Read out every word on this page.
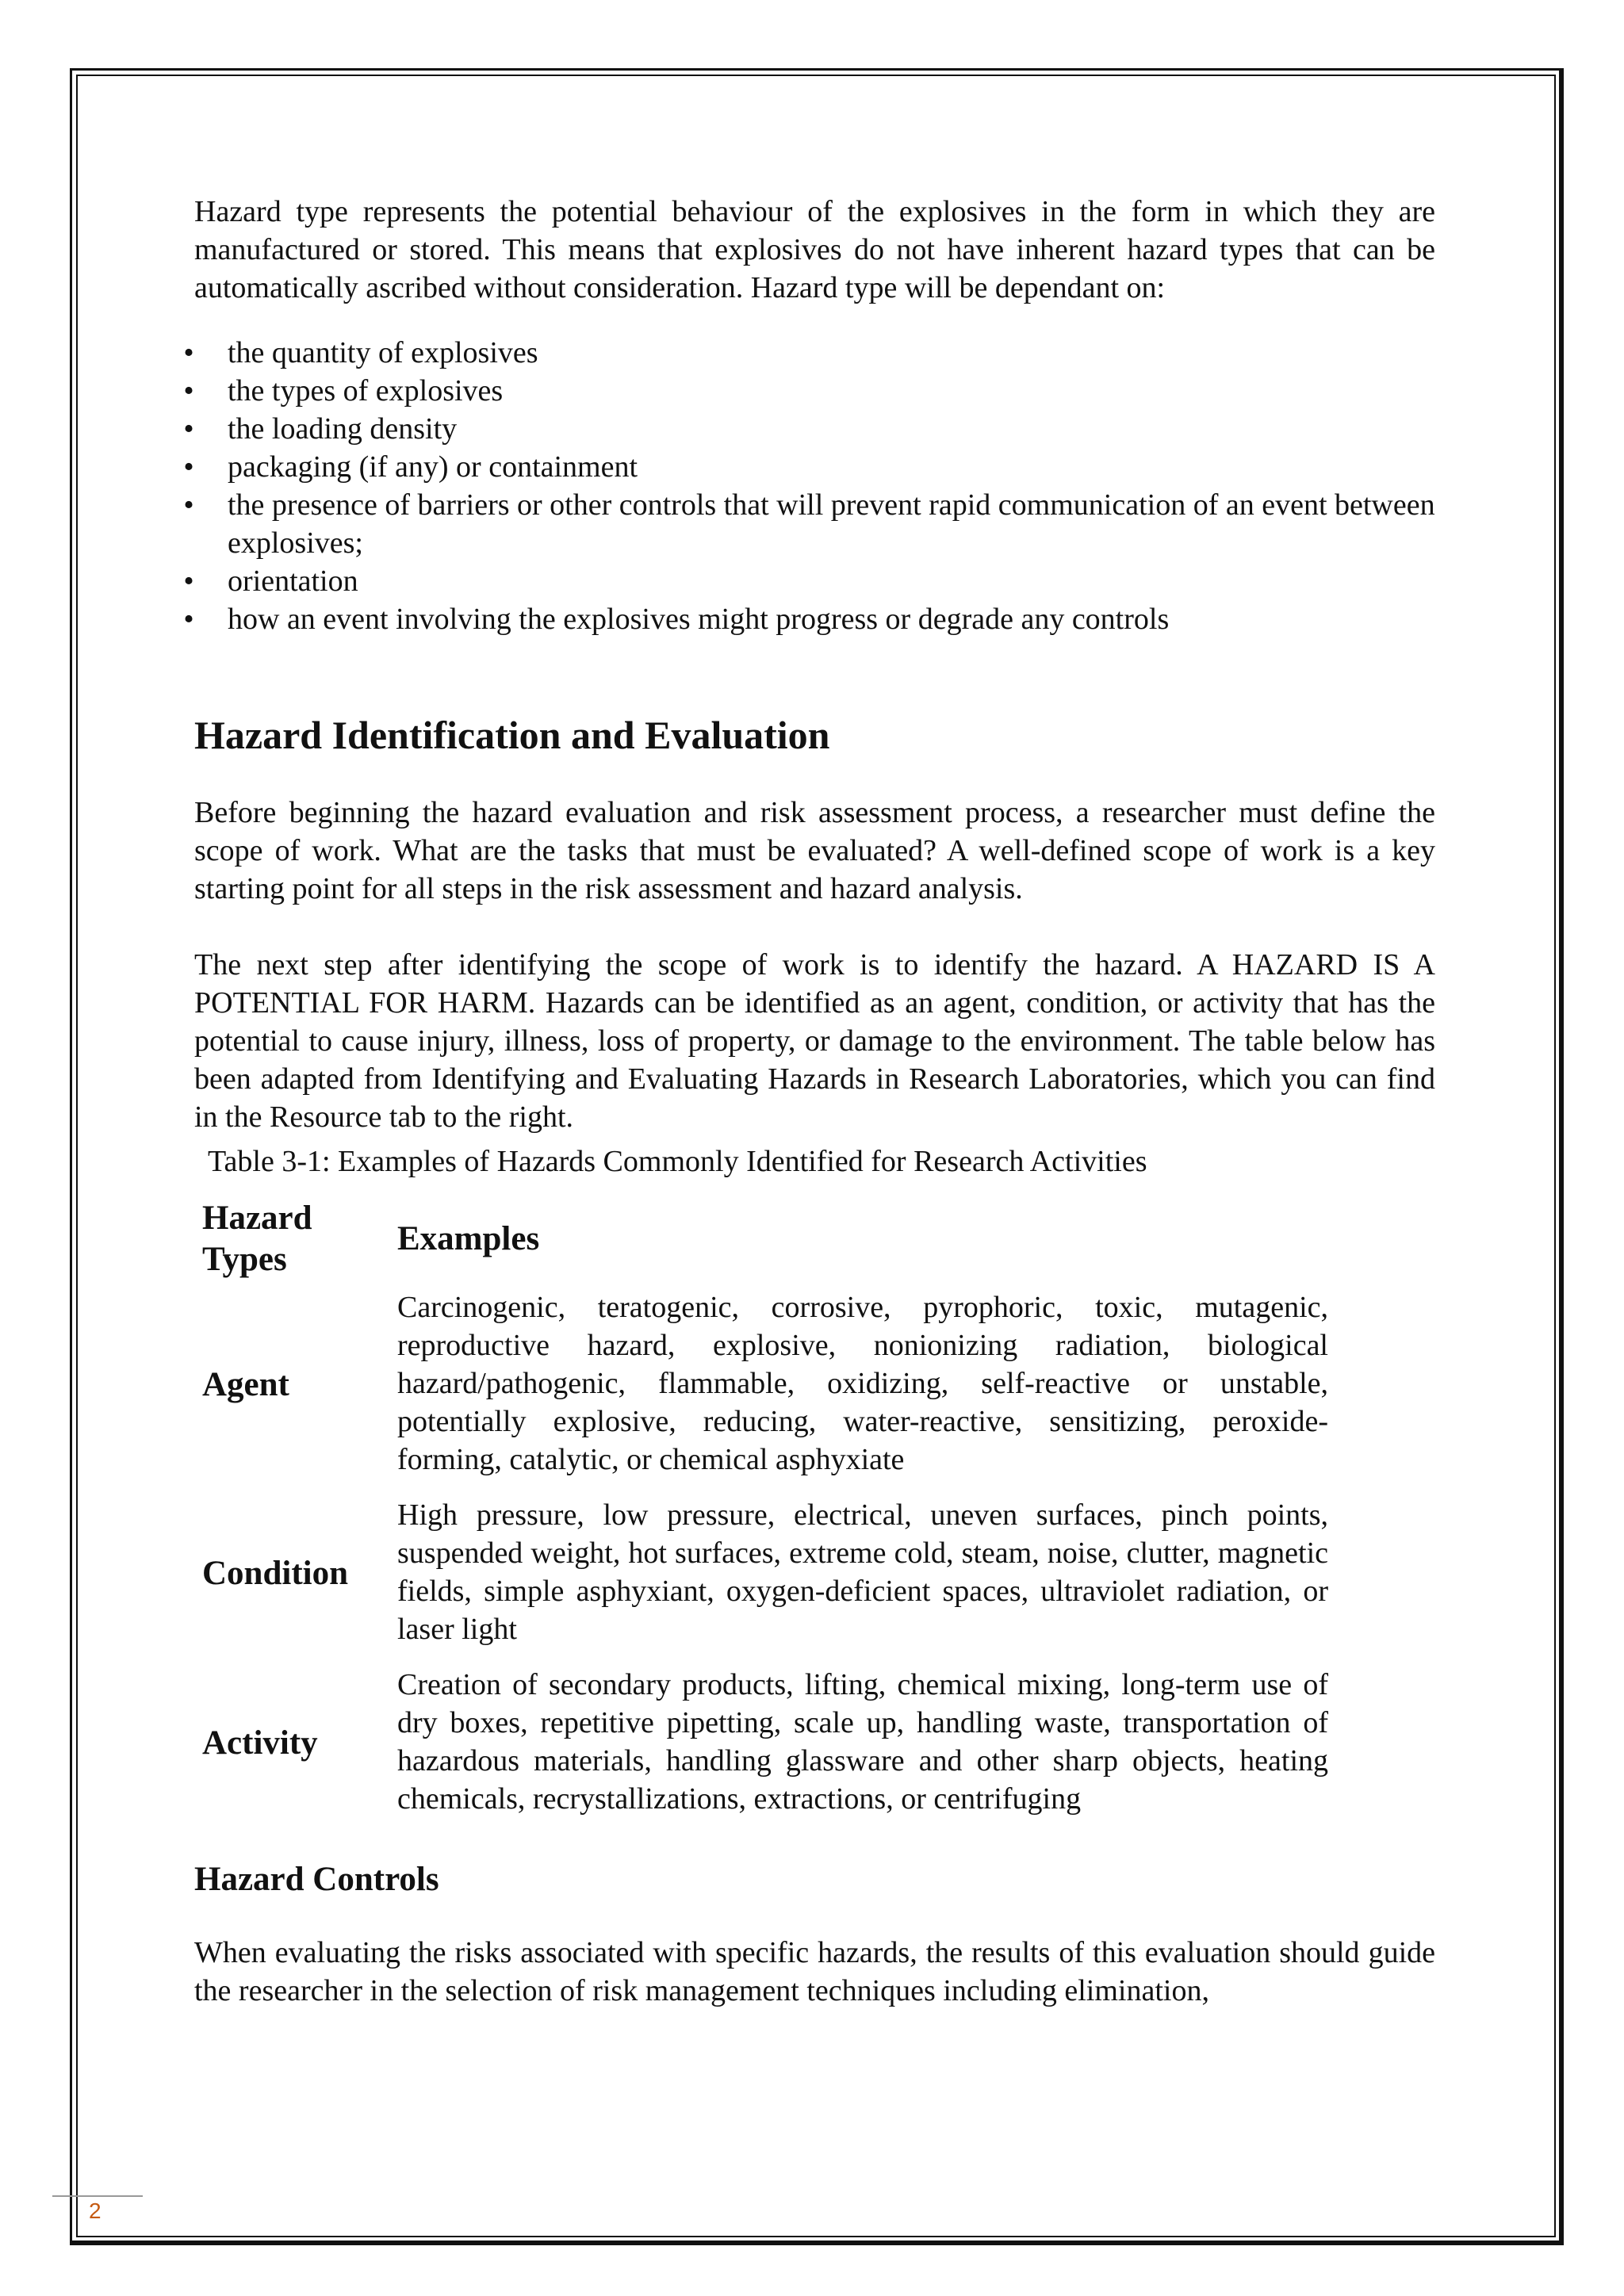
Hazard type represents the potential behaviour of the explosives in the form in which they are manufactured or stored. This means that explosives do not have inherent hazard types that can be automatically ascribed without consideration. Hazard type will be dependant on:

• the quantity of explosives
• the types of explosives
• the loading density
• packaging (if any) or containment
• the presence of barriers or other controls that will prevent rapid communication of an event between explosives;
• orientation
• how an event involving the explosives might progress or degrade any controls
Hazard Identification and Evaluation

Before beginning the hazard evaluation and risk assessment process, a researcher must define the scope of work. What are the tasks that must be evaluated? A well-defined scope of work is a key starting point for all steps in the risk assessment and hazard analysis.

The next step after identifying the scope of work is to identify the hazard. A HAZARD IS A POTENTIAL FOR HARM. Hazards can be identified as an agent, condition, or activity that has the potential to cause injury, illness, loss of property, or damage to the environment. The table below has been adapted from Identifying and Evaluating Hazards in Research Laboratories, which you can find in the Resource tab to the right.

Table 3-1: Examples of Hazards Commonly Identified for Research Activities
Hazard Types	Examples
Agent	Carcinogenic, teratogenic, corrosive, pyrophoric, toxic, mutagenic, reproductive hazard, explosive, nonionizing radiation, biological hazard/pathogenic, flammable, oxidizing, self-reactive or unstable, potentially explosive, reducing, water-reactive, sensitizing, peroxide-forming, catalytic, or chemical asphyxiate
Condition	High pressure, low pressure, electrical, uneven surfaces, pinch points, suspended weight, hot surfaces, extreme cold, steam, noise, clutter, magnetic fields, simple asphyxiant, oxygen-deficient spaces, ultraviolet radiation, or laser light
Activity	Creation of secondary products, lifting, chemical mixing, long-term use of dry boxes, repetitive pipetting, scale up, handling waste, transportation of hazardous materials, handling glassware and other sharp objects, heating chemicals, recrystallizations, extractions, or centrifuging
Hazard Controls

When evaluating the risks associated with specific hazards, the results of this evaluation should guide the researcher in the selection of risk management techniques including elimination,

2
